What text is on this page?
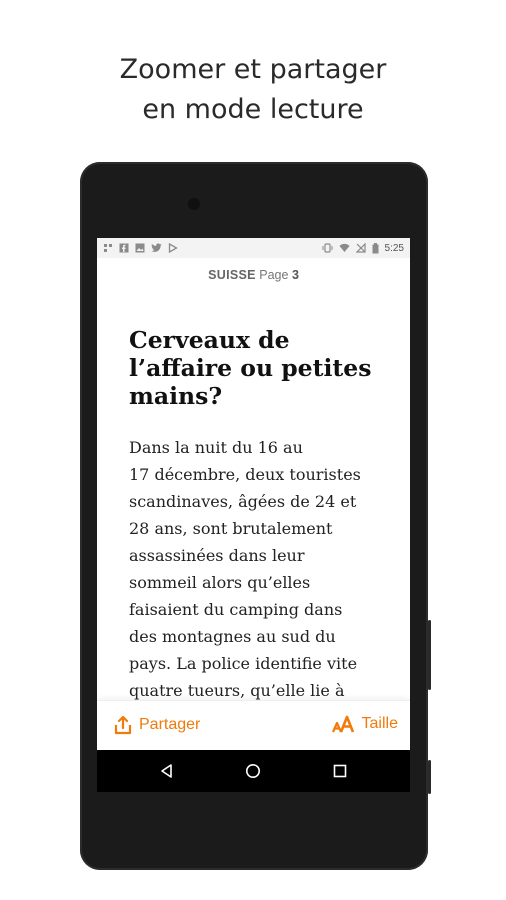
Zoomer et partager
en mode lecture
5:25
SUISSE Page 3
Cerveaux de
l’affaire ou petites
mains?
Dans la nuit du 16 au
17 décembre, deux touristes
scandinaves, âgées de 24 et
28 ans, sont brutalement
assassinées dans leur
sommeil alors qu’elles
faisaient du camping dans
des montagnes au sud du
pays. La police identifie vite
quatre tueurs, qu’elle lie à
Partager	Taille
